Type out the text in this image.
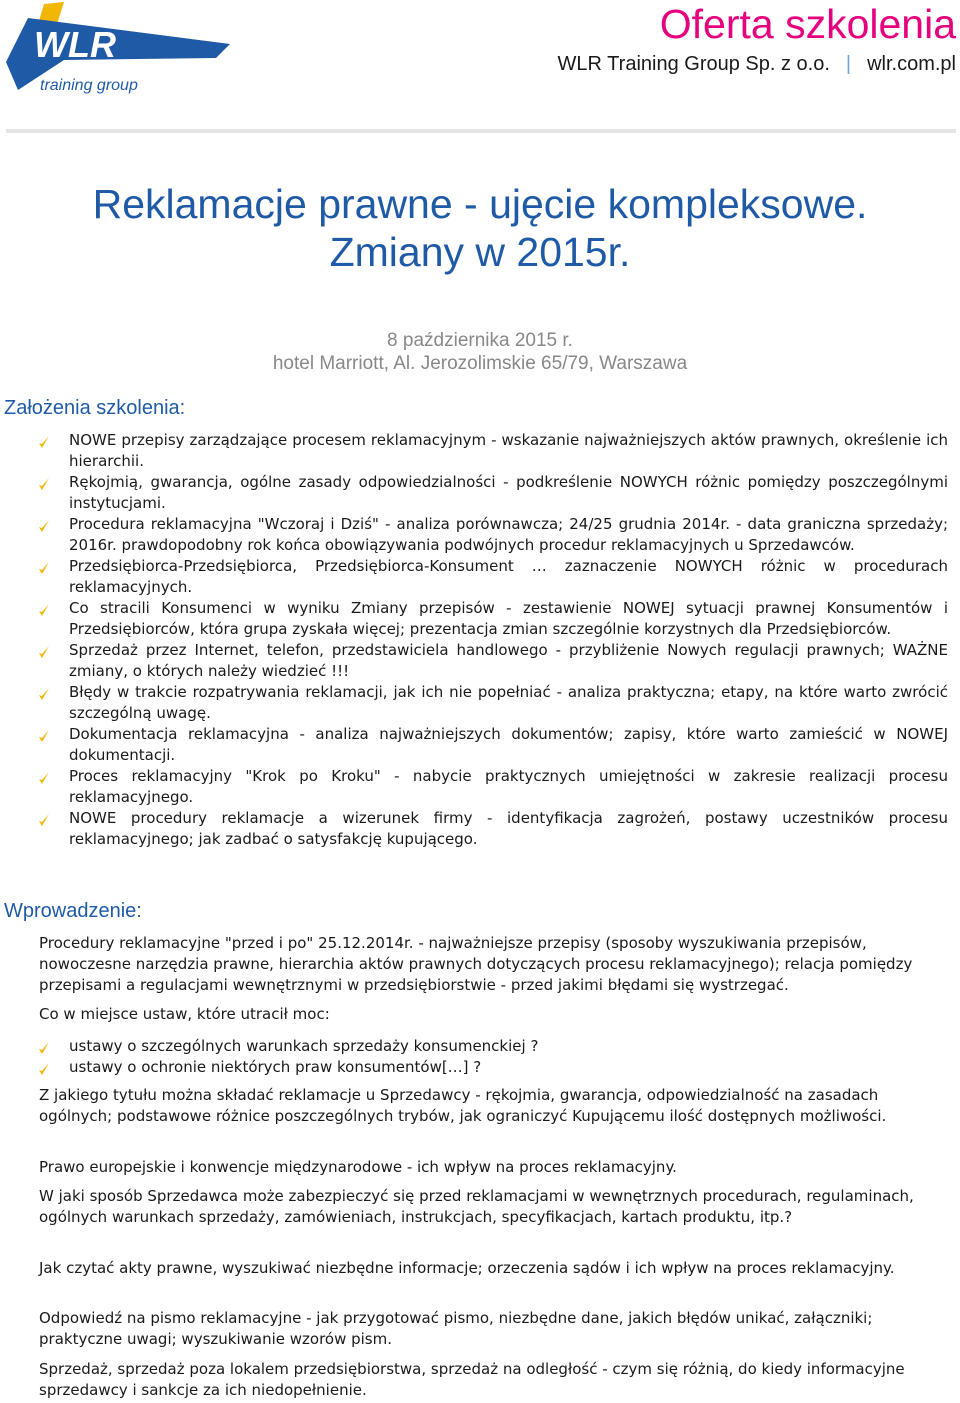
WLR
training group
Oferta szkolenia
WLR Training Group Sp. z o.o. | wlr.com.pl
Reklamacje prawne - ujęcie kompleksowe.
Zmiany w 2015r.
8 października 2015 r.
hotel Marriott, Al. Jerozolimskie 65/79, Warszawa
Założenia szkolenia:
NOWE przepisy zarządzające procesem reklamacyjnym - wskazanie najważniejszych aktów prawnych, określenie ich hierarchii.
Rękojmią, gwarancja, ogólne zasady odpowiedzialności - podkreślenie NOWYCH różnic pomiędzy poszczególnymi instytucjami.
Procedura reklamacyjna "Wczoraj i Dziś" - analiza porównawcza; 24/25 grudnia 2014r. - data graniczna sprzedaży; 2016r. prawdopodobny rok końca obowiązywania podwójnych procedur reklamacyjnych u Sprzedawców.
Przedsiębiorca-Przedsiębiorca, Przedsiębiorca-Konsument … zaznaczenie NOWYCH różnic w procedurach reklamacyjnych.
Co stracili Konsumenci w wyniku Zmiany przepisów - zestawienie NOWEJ sytuacji prawnej Konsumentów i Przedsiębiorców, która grupa zyskała więcej; prezentacja zmian szczególnie korzystnych dla Przedsiębiorców.
Sprzedaż przez Internet, telefon, przedstawiciela handlowego - przybliżenie Nowych regulacji prawnych; WAŻNE zmiany, o których należy wiedzieć !!!
Błędy w trakcie rozpatrywania reklamacji, jak ich nie popełniać - analiza praktyczna; etapy, na które warto zwrócić szczególną uwagę.
Dokumentacja reklamacyjna - analiza najważniejszych dokumentów; zapisy, które warto zamieścić w NOWEJ dokumentacji.
Proces reklamacyjny "Krok po Kroku" - nabycie praktycznych umiejętności w zakresie realizacji procesu reklamacyjnego.
NOWE procedury reklamacje a wizerunek firmy - identyfikacja zagrożeń, postawy uczestników procesu reklamacyjnego; jak zadbać o satysfakcję kupującego.
Wprowadzenie:

Procedury reklamacyjne "przed i po" 25.12.2014r. - najważniejsze przepisy (sposoby wyszukiwania przepisów, nowoczesne narzędzia prawne, hierarchia aktów prawnych dotyczących procesu reklamacyjnego); relacja pomiędzy przepisami a regulacjami wewnętrznymi w przedsiębiorstwie - przed jakimi błędami się wystrzegać.

Co w miejsce ustaw, które utracił moc:

ustawy o szczególnych warunkach sprzedaży konsumenckiej ?
ustawy o ochronie niektórych praw konsumentów[…] ?

Z jakiego tytułu można składać reklamacje u Sprzedawcy - rękojmia, gwarancja, odpowiedzialność na zasadach ogólnych; podstawowe różnice poszczególnych trybów, jak ograniczyć Kupującemu ilość dostępnych możliwości.

Prawo europejskie i konwencje międzynarodowe - ich wpływ na proces reklamacyjny.

W jaki sposób Sprzedawca może zabezpieczyć się przed reklamacjami w wewnętrznych procedurach, regulaminach, ogólnych warunkach sprzedaży, zamówieniach, instrukcjach, specyfikacjach, kartach produktu, itp.?

Jak czytać akty prawne, wyszukiwać niezbędne informacje; orzeczenia sądów i ich wpływ na proces reklamacyjny.

Odpowiedź na pismo reklamacyjne - jak przygotować pismo, niezbędne dane, jakich błędów unikać, załączniki; praktyczne uwagi; wyszukiwanie wzorów pism.

Sprzedaż, sprzedaż poza lokalem przedsiębiorstwa, sprzedaż na odległość - czym się różnią, do kiedy informacyjne sprzedawcy i sankcje za ich niedopełnienie.
